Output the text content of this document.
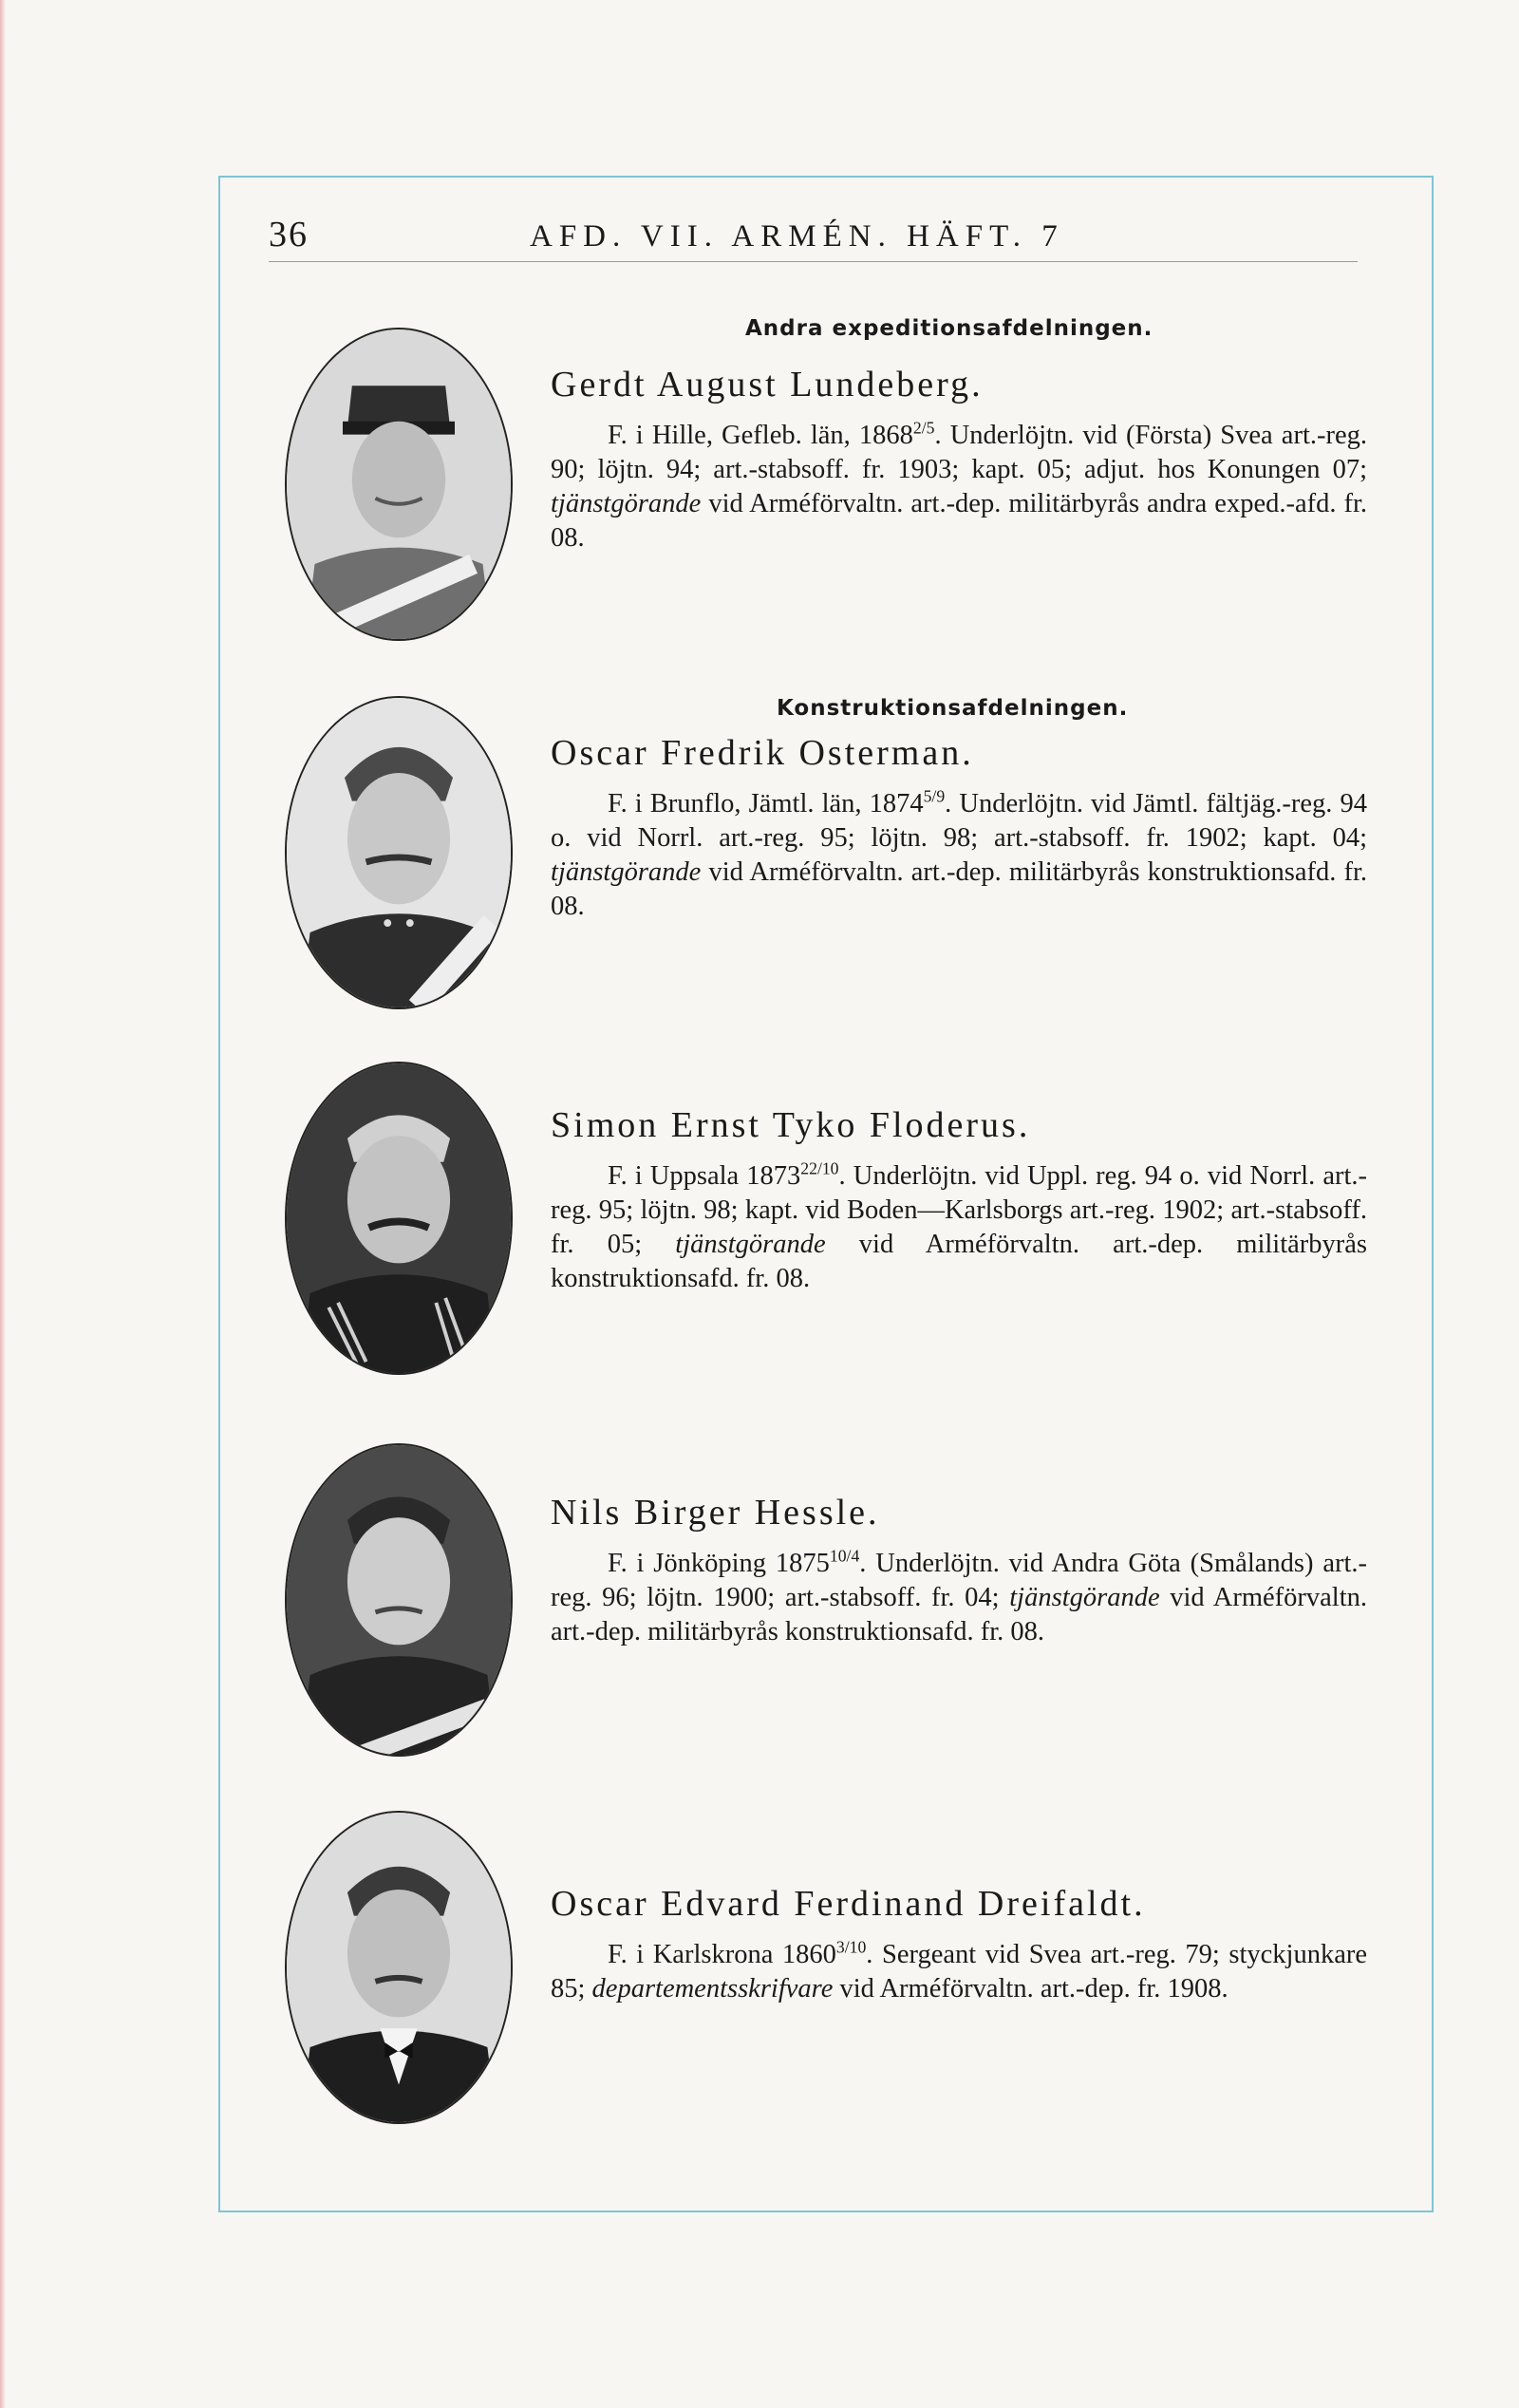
36	AFD. VII. ARMÉN. HÄFT. 7
Andra expeditionsafdelningen.
Gerdt August Lundeberg.

F. i Hille, Gefleb. län, $1868^{2/5}$. Underlöjtn. vid (Första) Svea art.-reg. 90; löjtn. 94; art.-stabsoff. fr. 1903; kapt. 05; adjut. hos Konungen 07; tjänstgörande vid Arméförvaltn. art.-dep. militärbyrås andra exped.-afd. fr. 08.

Konstruktionsafdelningen.
Oscar Fredrik Osterman.

F. i Brunflo, Jämtl. län, $1874^{5/9}$. Underlöjtn. vid Jämtl. fältjäg.-reg. 94 o. vid Norrl. art.-reg. 95; löjtn. 98; art.-stabsoff. fr. 1902; kapt. 04; tjänstgörande vid Arméförvaltn. art.-dep. militärbyrås konstruktionsafd. fr. 08.

Simon Ernst Tyko Floderus.

F. i Uppsala $1873^{22/10}$. Underlöjtn. vid Uppl. reg. 94 o. vid Norrl. art.-reg. 95; löjtn. 98; kapt. vid Boden—Karlsborgs art.-reg. 1902; art.-stabsoff. fr. 05; tjänstgörande vid Arméförvaltn. art.-dep. militärbyrås konstruktionsafd. fr. 08.

Nils Birger Hessle.

F. i Jönköping $1875^{10/4}$. Underlöjtn. vid Andra Göta (Smålands) art.-reg. 96; löjtn. 1900; art.-stabsoff. fr. 04; tjänstgörande vid Arméförvaltn. art.-dep. militärbyrås konstruktionsafd. fr. 08.

Oscar Edvard Ferdinand Dreifaldt.

F. i Karlskrona $1860^{3/10}$. Sergeant vid Svea art.-reg. 79; styckjunkare 85; departementsskrifvare vid Arméförvaltn. art.-dep. fr. 1908.
